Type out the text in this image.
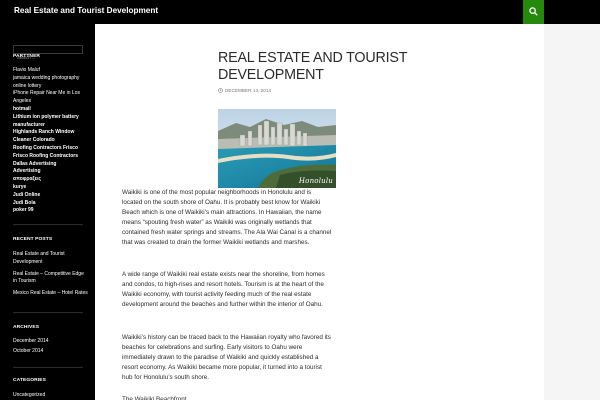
Real Estate and Tourist Development
Search ...
PARTTNER
Flavio Maluf
jamaica wedding photography
online lottery
iPhone Repair Near Me in Los Angeles
hotmail
Lithium ion polymer battery manufacturer
Highlands Ranch Window Cleaner Colorado
Roofing Contractors Frisco
Frisco Roofing Contractors
Dallas Advertising
Advertising
αποφραξεις
kurye
Judi Online
Judi Bola
poker 99
RECENT POSTS
Real Estate and Tourist Development
Real Estate – Competitive Edge in Tourism
Mexico Real Estate – Hotel Rates
ARCHIVES
December 2014
October 2014
CATEGORIES
Uncategorized
REAL ESTATE AND TOURIST DEVELOPMENT
DECEMBER 13, 2014
Honolulu

Waikiki is one of the most popular neighborhoods in Honolulu and is located on the south shore of Oahu. It is probably best know for Waikiki Beach which is one of Waikiki’s main attractions. In Hawaiian, the name means “spouting fresh water” as Waikiki was originally wetlands that contained fresh water springs and streams. The Ala Wai Canal is a channel that was created to drain the former Waikiki wetlands and marshes.

A wide range of Waikiki real estate exists near the shoreline, from homes and condos, to high-rises and resort hotels. Tourism is at the heart of the Waikiki economy, with tourist activity feeding much of the real estate development around the beaches and further within the interior of Oahu.

Waikiki’s history can be traced back to the Hawaiian royalty who favored its beaches for celebrations and surfing. Early visitors to Oahu were immediately drawn to the paradise of Waikiki and quickly established a resort economy. As Waikiki became more popular, it turned into a tourist hub for Honolulu’s south shore.

The Waikiki Beachfront
